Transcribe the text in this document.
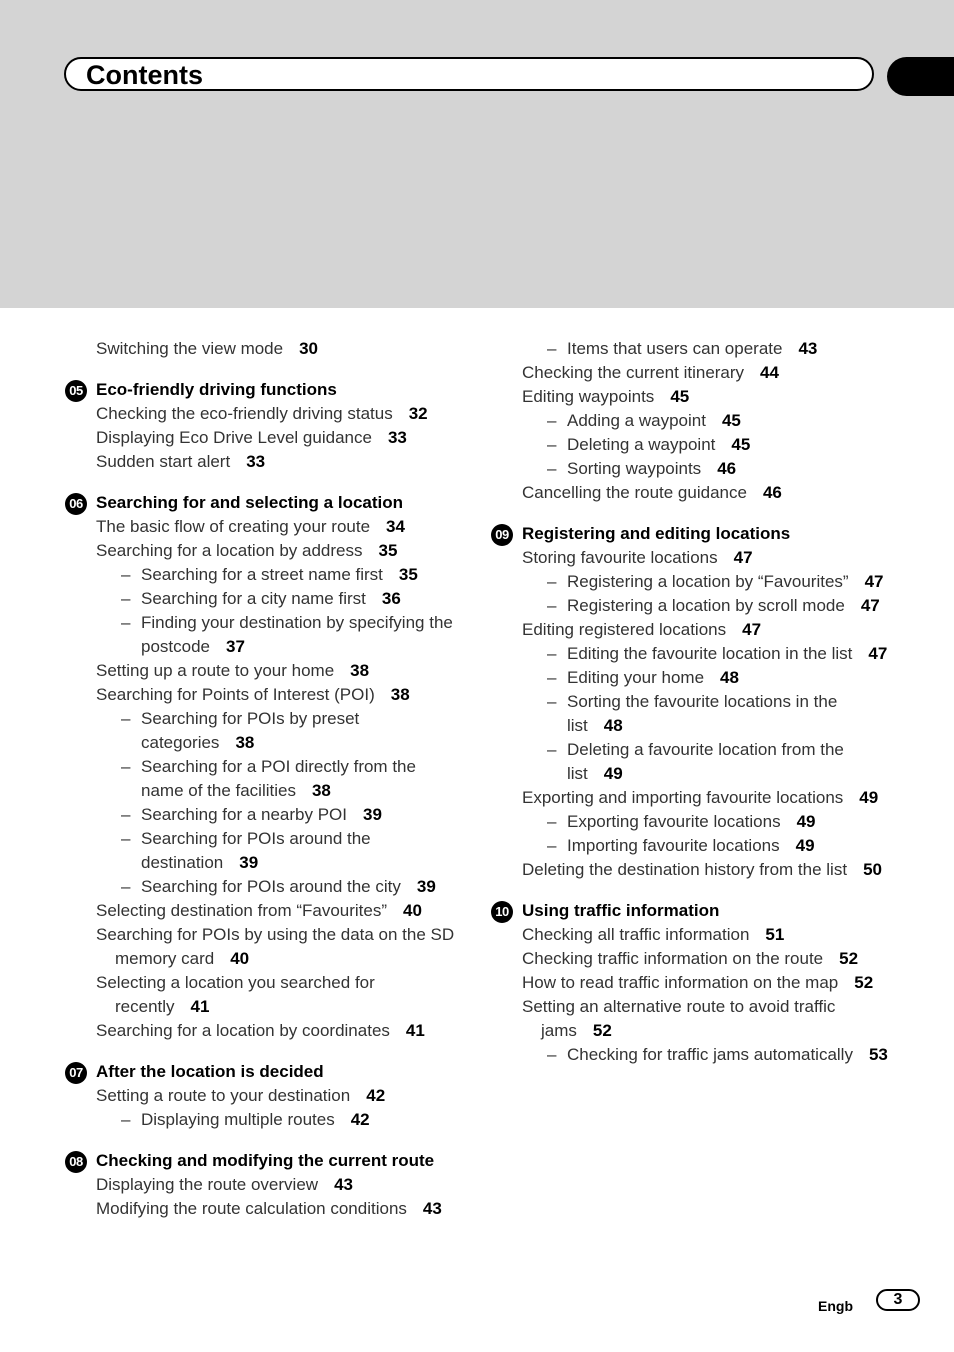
Contents
Switching the view mode 30
05 Eco-friendly driving functions
Checking the eco-friendly driving status 32
Displaying Eco Drive Level guidance 33
Sudden start alert 33
06 Searching for and selecting a location
The basic flow of creating your route 34
Searching for a location by address 35
– Searching for a street name first 35
– Searching for a city name first 36
– Finding your destination by specifying the postcode 37
Setting up a route to your home 38
Searching for Points of Interest (POI) 38
– Searching for POIs by preset categories 38
– Searching for a POI directly from the name of the facilities 38
– Searching for a nearby POI 39
– Searching for POIs around the destination 39
– Searching for POIs around the city 39
Selecting destination from “Favourites” 40
Searching for POIs by using the data on the SD memory card 40
Selecting a location you searched for recently 41
Searching for a location by coordinates 41
07 After the location is decided
Setting a route to your destination 42
– Displaying multiple routes 42
08 Checking and modifying the current route
Displaying the route overview 43
Modifying the route calculation conditions 43
– Items that users can operate 43
Checking the current itinerary 44
Editing waypoints 45
– Adding a waypoint 45
– Deleting a waypoint 45
– Sorting waypoints 46
Cancelling the route guidance 46
09 Registering and editing locations
Storing favourite locations 47
– Registering a location by “Favourites” 47
– Registering a location by scroll mode 47
Editing registered locations 47
– Editing the favourite location in the list 47
– Editing your home 48
– Sorting the favourite locations in the list 48
– Deleting a favourite location from the list 49
Exporting and importing favourite locations 49
– Exporting favourite locations 49
– Importing favourite locations 49
Deleting the destination history from the list 50
10 Using traffic information
Checking all traffic information 51
Checking traffic information on the route 52
How to read traffic information on the map 52
Setting an alternative route to avoid traffic jams 52
– Checking for traffic jams automatically 53
Engb	3
